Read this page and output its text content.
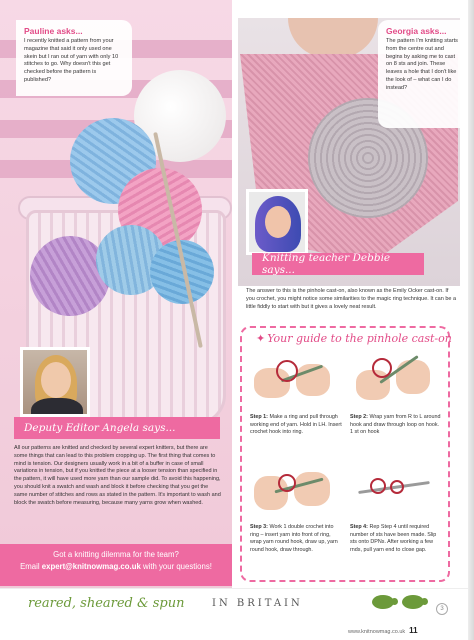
Pauline asks...
I recently knitted a pattern from your magazine that said it only used one skein but I ran out of yarn with only 10 stitches to go. Why doesn't this get checked before the pattern is published?
Deputy Editor Angela says...
All our patterns are knitted and checked by several expert knitters, but there are some things that can lead to this problem cropping up. The first thing that comes to mind is tension. Our designers usually work in a bit of a buffer in case of small variations in tension, but if you knitted the piece at a looser tension than specified in the pattern, it will have used more yarn than our sample did. To avoid this happening, you should knit a swatch and wash and block it before checking that you get the same number of stitches and rows as stated in the pattern. It's important to wash and block the swatch before measuring, because many yarns grow when washed.
Got a knitting dilemma for the team?
Email expert@knitnowmag.co.uk with your questions!
Georgia asks...
The pattern I'm knitting starts from the centre out and begins by asking me to cast on 8 sts and join. These leaves a hole that I don't like the look of – what can I do instead?
Knitting teacher Debbie says...
The answer to this is the pinhole cast-on, also known as the Emily Ocker cast-on. If you crochet, you might notice some similarities to the magic ring technique. It can be a little fiddly to start with but it gives a lovely neat result.
✦ Your guide to the pinhole cast-on
Step 1: Make a ring and pull through working end of yarn. Hold in LH. Insert crochet hook into ring.
Step 2: Wrap yarn from R to L around hook and draw through loop on hook. 1 st on hook
Step 3: Work 1 double crochet into ring – insert yarn into front of ring, wrap yarn round hook, draw up, yarn round hook, draw through.
Step 4: Rep Step 4 until required number of sts have been made. Slip sts onto DPNs. After working a few rnds, pull yarn end to close gap.
reared, sheared & spun	IN BRITAIN	3
www.knitnowmag.co.uk 11
